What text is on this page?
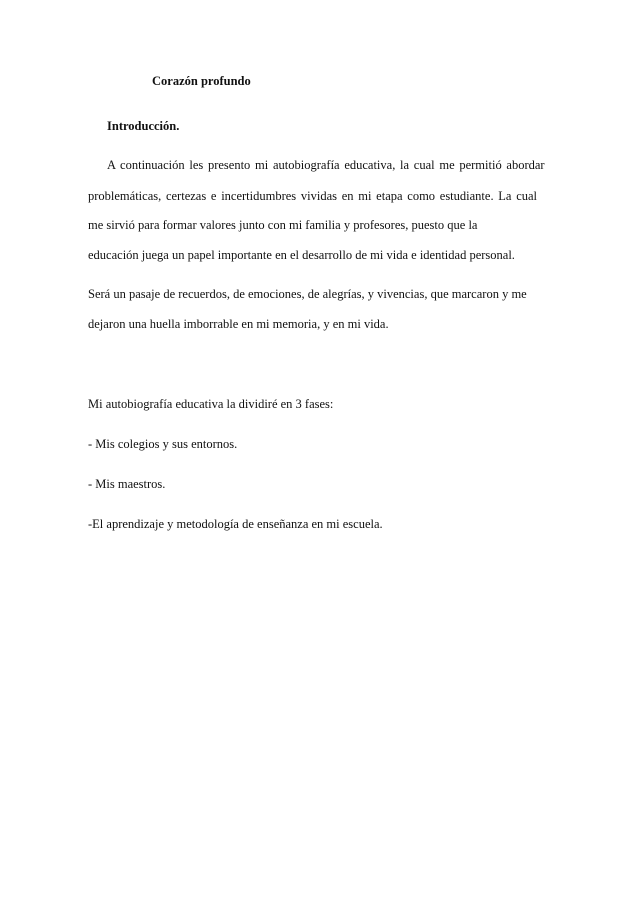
Corazón profundo
Introducción.
A continuación les presento mi autobiografía educativa, la cual me permitió abordar
problemáticas, certezas e incertidumbres vividas en mi etapa como estudiante. La cual
me sirvió para formar valores junto con mi familia y profesores, puesto que la
educación juega un papel importante en el desarrollo de mi vida e identidad personal.
Será un pasaje de recuerdos, de emociones, de alegrías, y vivencias, que marcaron y me
dejaron una huella imborrable en mi memoria, y en mi vida.
Mi autobiografía educativa la dividiré en 3 fases:
- Mis colegios y sus entornos.
- Mis maestros.
-El aprendizaje y metodología de enseñanza en mi escuela.
